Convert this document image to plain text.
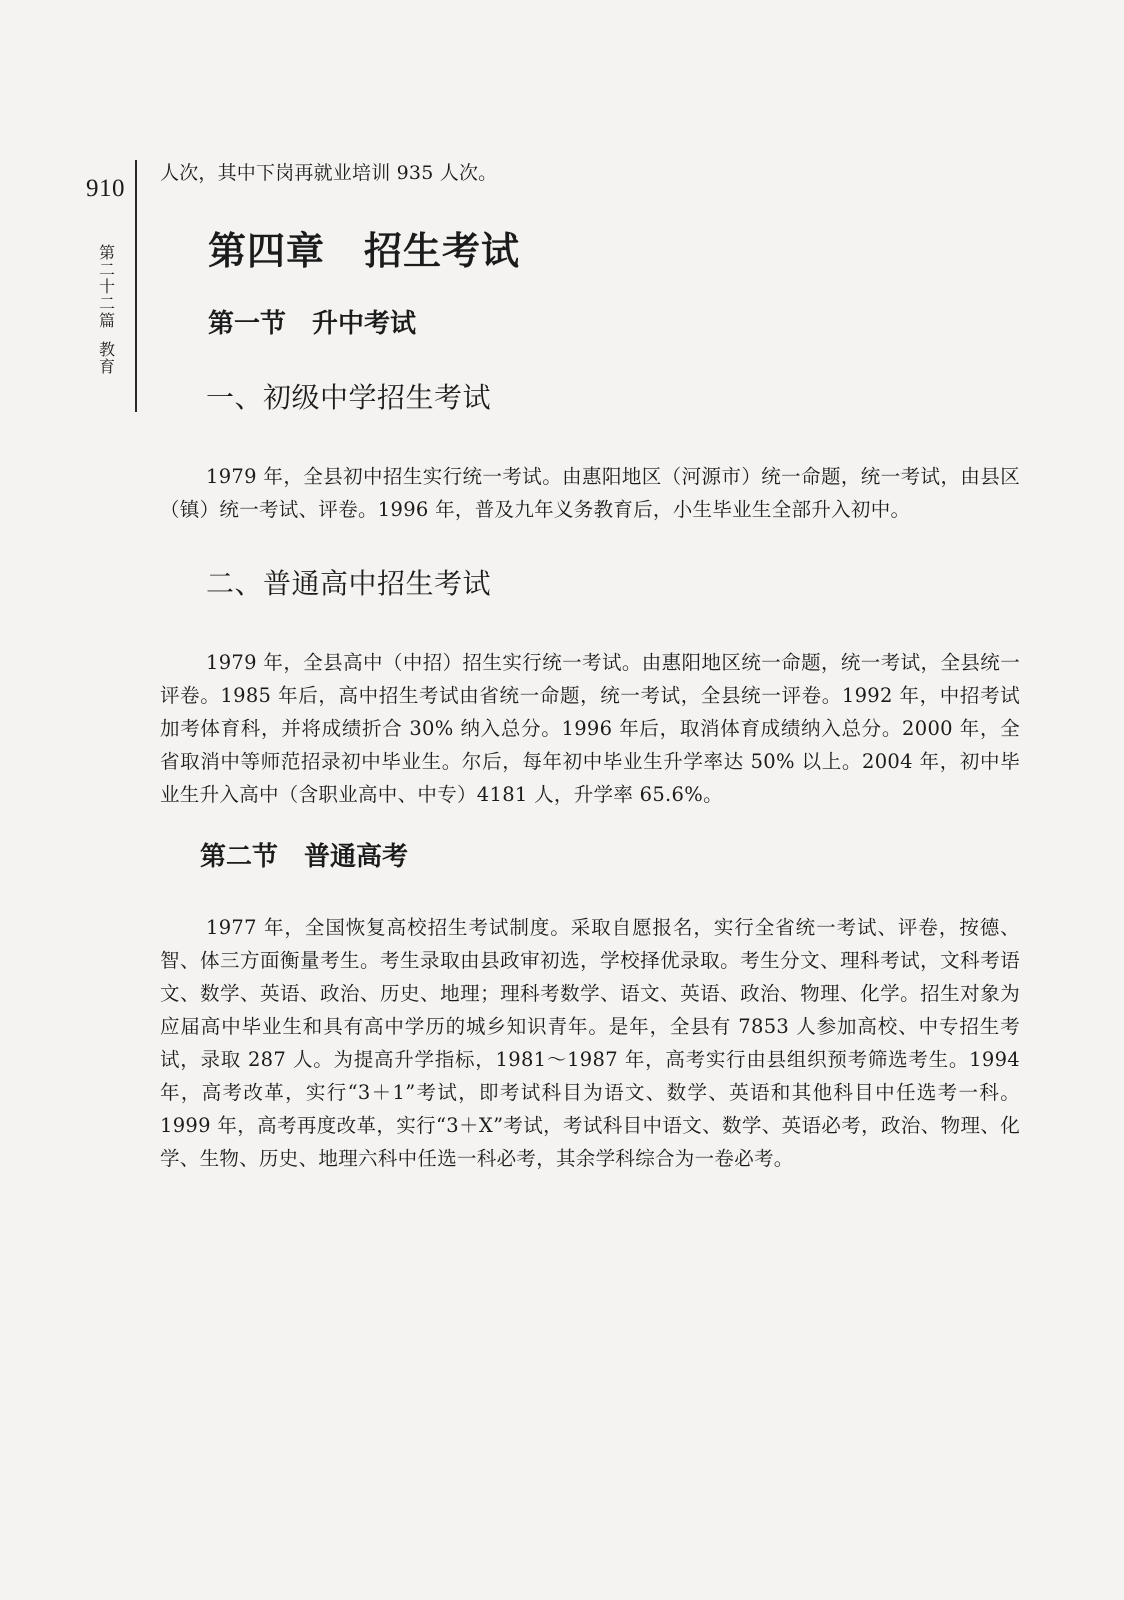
910
第
二
十
二
篇
教
育

人次，其中下岗再就业培训 935 人次。

第四章　招生考试
第一节　升中考试
一、初级中学招生考试

1979 年，全县初中招生实行统一考试。由惠阳地区（河源市）统一命题，统一考试，由县区（镇）统一考试、评卷。1996 年，普及九年义务教育后，小生毕业生全部升入初中。

二、普通高中招生考试

1979 年，全县高中（中招）招生实行统一考试。由惠阳地区统一命题，统一考试，全县统一评卷。1985 年后，高中招生考试由省统一命题，统一考试，全县统一评卷。1992 年，中招考试加考体育科，并将成绩折合 30% 纳入总分。1996 年后，取消体育成绩纳入总分。2000 年，全省取消中等师范招录初中毕业生。尔后，每年初中毕业生升学率达 50% 以上。2004 年，初中毕业生升入高中（含职业高中、中专）4181 人，升学率 65.6%。

第二节　普通高考

1977 年，全国恢复高校招生考试制度。采取自愿报名，实行全省统一考试、评卷，按德、智、体三方面衡量考生。考生录取由县政审初选，学校择优录取。考生分文、理科考试，文科考语文、数学、英语、政治、历史、地理；理科考数学、语文、英语、政治、物理、化学。招生对象为应届高中毕业生和具有高中学历的城乡知识青年。是年，全县有 7853 人参加高校、中专招生考试，录取 287 人。为提高升学指标，1981～1987 年，高考实行由县组织预考筛选考生。1994 年，高考改革，实行“3＋1”考试，即考试科目为语文、数学、英语和其他科目中任选考一科。1999 年，高考再度改革，实行“3＋X”考试，考试科目中语文、数学、英语必考，政治、物理、化学、生物、历史、地理六科中任选一科必考，其余学科综合为一卷必考。
